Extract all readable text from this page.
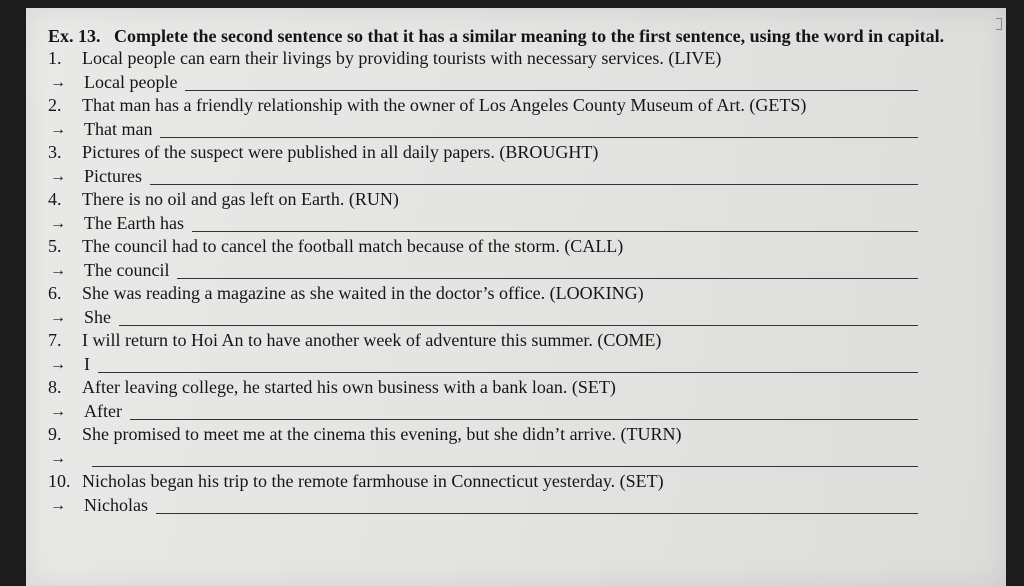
Ex. 13. Complete the second sentence so that it has a similar meaning to the first sentence, using the word in capital.
1.	Local people can earn their livings by providing tourists with necessary services. (LIVE)
→	Local people
2.	That man has a friendly relationship with the owner of Los Angeles County Museum of Art. (GETS)
→	That man
3.	Pictures of the suspect were published in all daily papers. (BROUGHT)
→	Pictures
4.	There is no oil and gas left on Earth. (RUN)
→	The Earth has
5.	The council had to cancel the football match because of the storm. (CALL)
→	The council
6.	She was reading a magazine as she waited in the doctor’s office. (LOOKING)
→	She
7.	I will return to Hoi An to have another week of adventure this summer. (COME)
→	I
8.	After leaving college, he started his own business with a bank loan. (SET)
→	After
9.	She promised to meet me at the cinema this evening, but she didn’t arrive. (TURN)
→
10. Nicholas began his trip to the remote farmhouse in Connecticut yesterday. (SET)
→	Nicholas
